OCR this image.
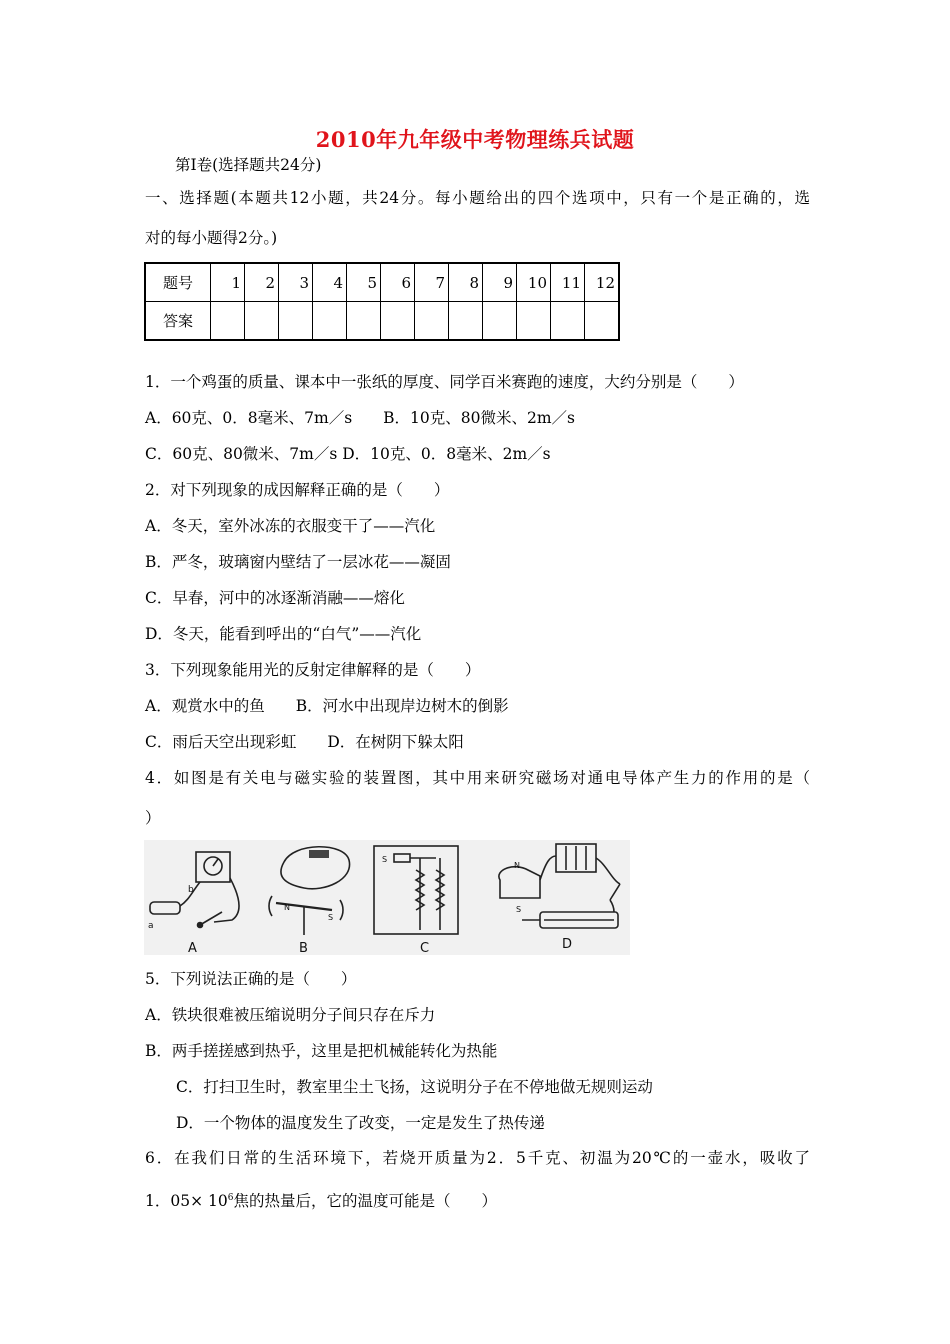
2010年九年级中考物理练兵试题
第Ⅰ卷(选择题共24分)
一、选择题(本题共12小题，共24分。每小题给出的四个选项中，只有一个是正确的，选
对的每小题得2分。)
题号	1	2	3	4	5	6	7	8	9	10	11	12
答案												
1．一个鸡蛋的质量、课本中一张纸的厚度、同学百米赛跑的速度，大约分别是（　　）
A．60克、0．8毫米、7m／s　　B．10克、80微米、2m／s
C．60克、80微米、7m／s D．10克、0．8毫米、2m／s
2．对下列现象的成因解释正确的是（　　）
A．冬天，室外冰冻的衣服变干了——汽化
B．严冬，玻璃窗内壁结了一层冰花——凝固
C．早春，河中的冰逐渐消融——熔化
D．冬天，能看到呼出的“白气”——汽化
3．下列现象能用光的反射定律解释的是（　　）
A．观赏水中的鱼　　B．河水中出现岸边树木的倒影
C．雨后天空出现彩虹　　D．在树阴下躲太阳
4．如图是有关电与磁实验的装置图，其中用来研究磁场对通电导体产生力的作用的是（
）
b
a
N
S
S
N
S
A	B	C	D
5．下列说法正确的是（　　）
A．铁块很难被压缩说明分子间只存在斥力
B．两手搓搓感到热乎，这里是把机械能转化为热能
C．打扫卫生时，教室里尘土飞扬，这说明分子在不停地做无规则运动
D．一个物体的温度发生了改变，一定是发生了热传递
6．在我们日常的生活环境下，若烧开质量为2．5千克、初温为20℃的一壶水，吸收了
1．$05\times 10^6$焦的热量后，它的温度可能是（　　）
